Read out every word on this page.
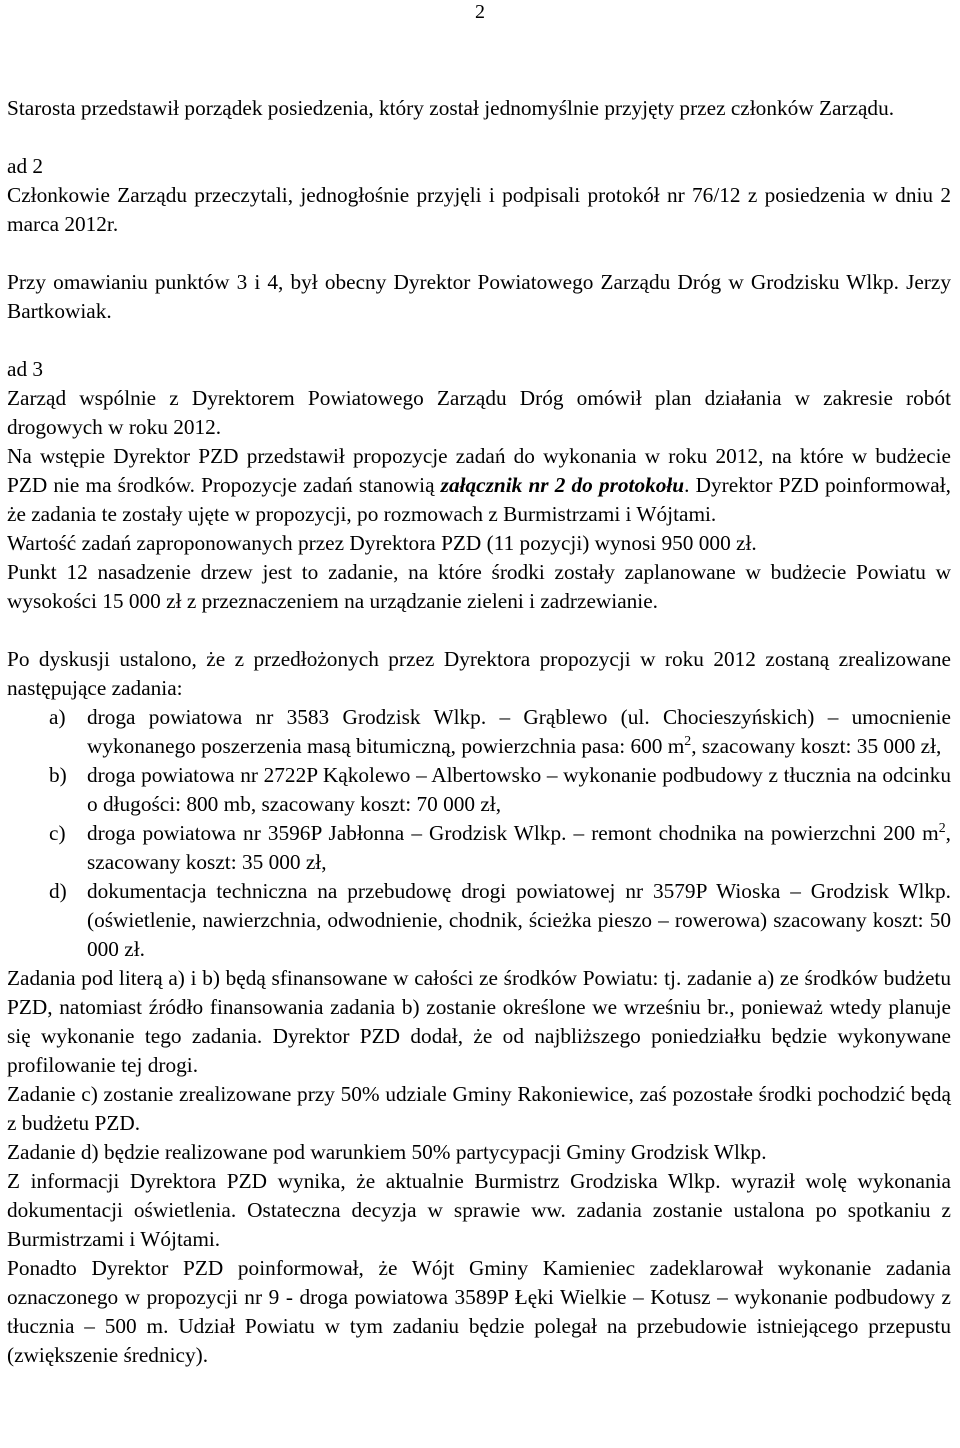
2

Starosta przedstawił porządek posiedzenia, który został jednomyślnie przyjęty przez członków Zarządu.

ad 2

Członkowie Zarządu przeczytali, jednogłośnie przyjęli i podpisali protokół nr 76/12 z posiedzenia w dniu 2 marca 2012r.

Przy omawianiu punktów 3 i 4, był obecny Dyrektor Powiatowego Zarządu Dróg w Grodzisku Wlkp. Jerzy Bartkowiak.

ad 3

Zarząd wspólnie z Dyrektorem Powiatowego Zarządu Dróg omówił plan działania w zakresie robót drogowych w roku 2012.

Na wstępie Dyrektor PZD przedstawił propozycje zadań do wykonania w roku 2012, na które w budżecie PZD nie ma środków. Propozycje zadań stanowią załącznik nr 2 do protokołu. Dyrektor PZD poinformował, że zadania te zostały ujęte w propozycji, po rozmowach z Burmistrzami i Wójtami.

Wartość zadań zaproponowanych przez Dyrektora PZD (11 pozycji) wynosi 950 000 zł.

Punkt 12 nasadzenie drzew jest to zadanie, na które środki zostały zaplanowane w budżecie Powiatu w wysokości 15 000 zł z przeznaczeniem na urządzanie zieleni i zadrzewianie.

Po dyskusji ustalono, że z przedłożonych przez Dyrektora propozycji w roku 2012 zostaną zrealizowane następujące zadania:

a) droga powiatowa nr 3583 Grodzisk Wlkp. – Grąblewo (ul. Chocieszyńskich) – umocnienie wykonanego poszerzenia masą bitumiczną, powierzchnia pasa: 600 $m^2$, szacowany koszt: 35 000 zł,
b) droga powiatowa nr 2722P Kąkolewo – Albertowsko – wykonanie podbudowy z tłucznia na odcinku o długości: 800 mb, szacowany koszt: 70 000 zł,
c) droga powiatowa nr 3596P Jabłonna – Grodzisk Wlkp. – remont chodnika na powierzchni 200 $m^2$, szacowany koszt: 35 000 zł,
d) dokumentacja techniczna na przebudowę drogi powiatowej nr 3579P Wioska – Grodzisk Wlkp. (oświetlenie, nawierzchnia, odwodnienie, chodnik, ścieżka pieszo – rowerowa) szacowany koszt: 50 000 zł.

Zadania pod literą a) i b) będą sfinansowane w całości ze środków Powiatu: tj. zadanie a) ze środków budżetu PZD, natomiast źródło finansowania zadania b) zostanie określone we wrześniu br., ponieważ wtedy planuje się wykonanie tego zadania. Dyrektor PZD dodał, że od najbliższego poniedziałku będzie wykonywane profilowanie tej drogi.

Zadanie c) zostanie zrealizowane przy 50% udziale Gminy Rakoniewice, zaś pozostałe środki pochodzić będą z budżetu PZD.

Zadanie d) będzie realizowane pod warunkiem 50% partycypacji Gminy Grodzisk Wlkp.

Z informacji Dyrektora PZD wynika, że aktualnie Burmistrz Grodziska Wlkp. wyraził wolę wykonania dokumentacji oświetlenia. Ostateczna decyzja w sprawie ww. zadania zostanie ustalona po spotkaniu z Burmistrzami i Wójtami.

Ponadto Dyrektor PZD poinformował, że Wójt Gminy Kamieniec zadeklarował wykonanie zadania oznaczonego w propozycji nr 9 - droga powiatowa 3589P Łęki Wielkie – Kotusz – wykonanie podbudowy z tłucznia – 500 m. Udział Powiatu w tym zadaniu będzie polegał na przebudowie istniejącego przepustu (zwiększenie średnicy).
